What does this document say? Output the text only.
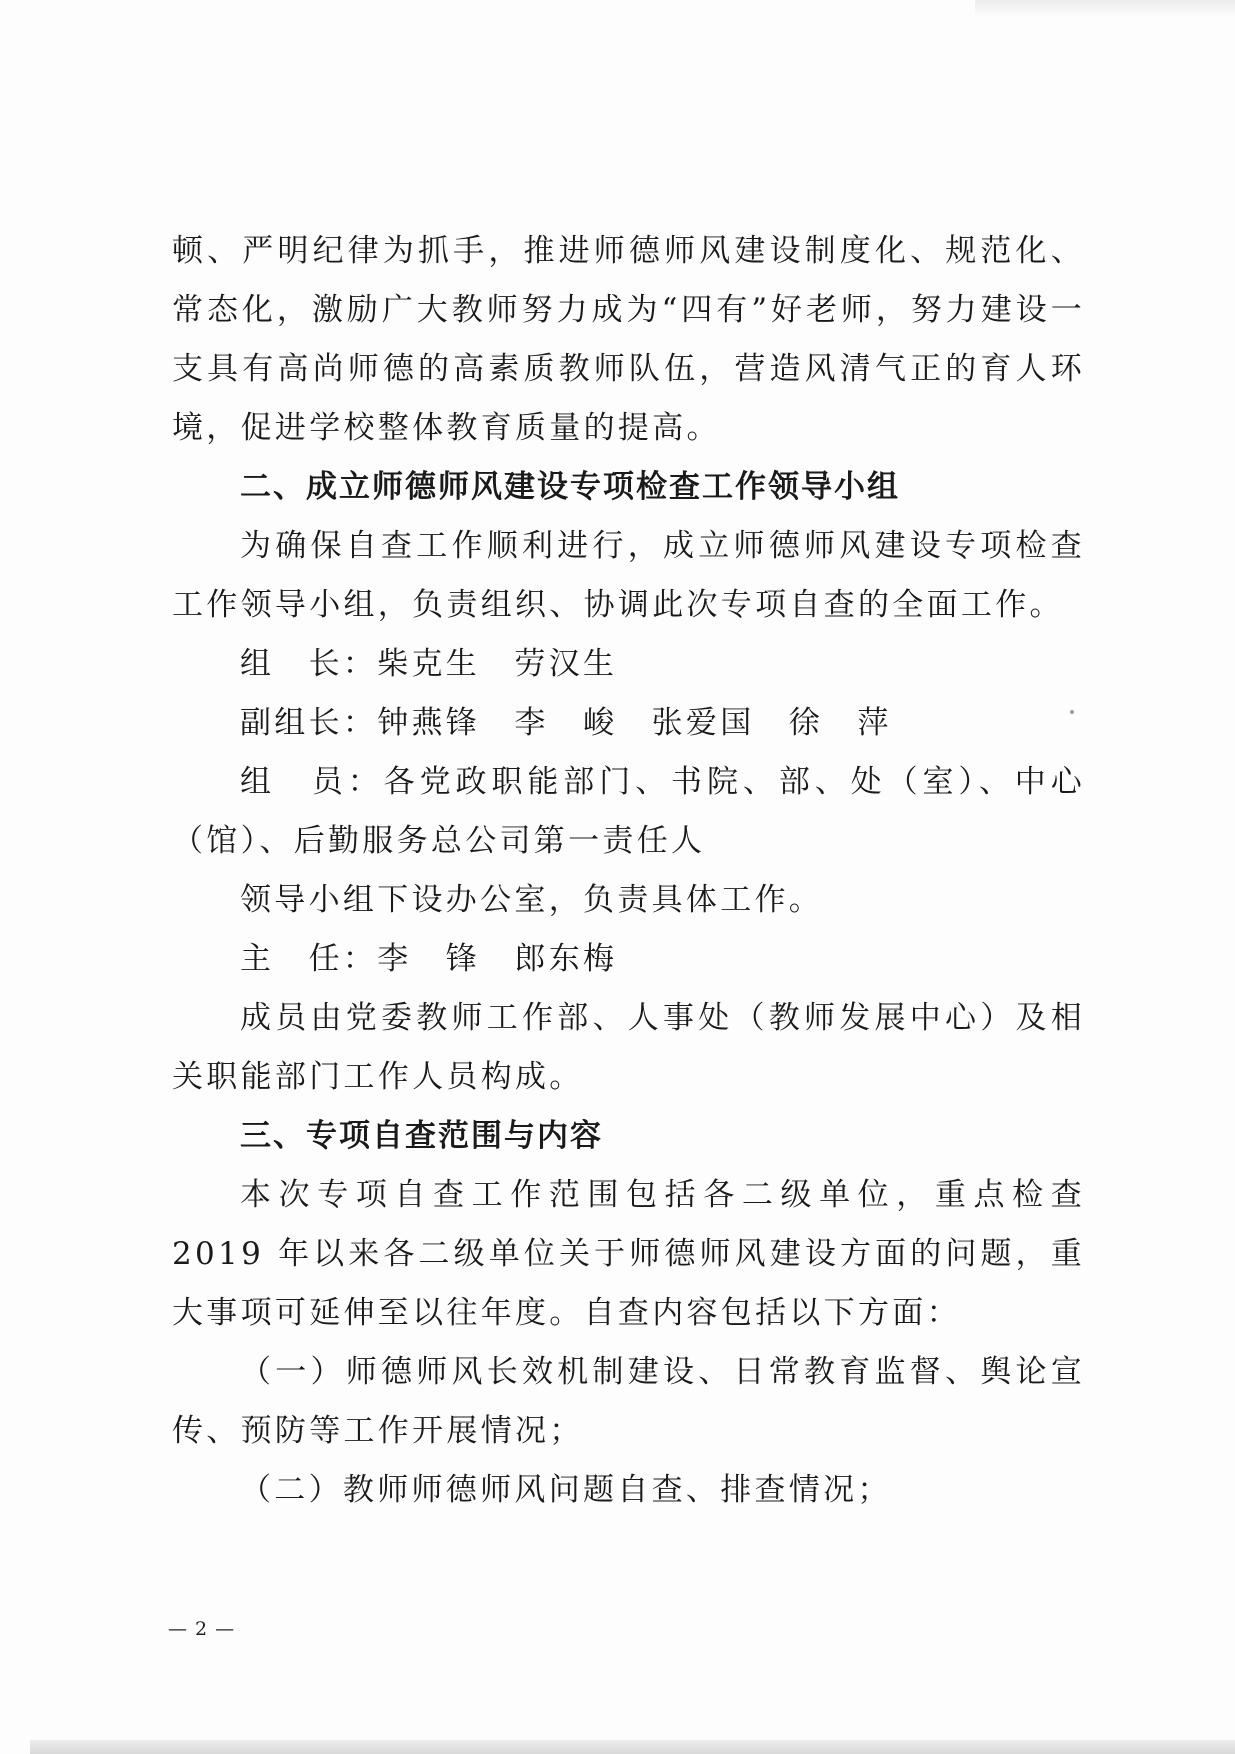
顿、严明纪律为抓手，推进师德师风建设制度化、规范化、常态化，激励广大教师努力成为“四有”好老师，努力建设一支具有高尚师德的高素质教师队伍，营造风清气正的育人环境，促进学校整体教育质量的提高。

二、成立师德师风建设专项检查工作领导小组

为确保自查工作顺利进行，成立师德师风建设专项检查工作领导小组，负责组织、协调此次专项自查的全面工作。

组　长：柴克生　劳汉生

副组长：钟燕锋　李　峻　张爱国　徐　萍

组　员：各党政职能部门、书院、部、处（室）、中心（馆）、后勤服务总公司第一责任人

领导小组下设办公室，负责具体工作。

主　任：李　锋　郎东梅

成员由党委教师工作部、人事处（教师发展中心）及相关职能部门工作人员构成。

三、专项自查范围与内容

本次专项自查工作范围包括各二级单位，重点检查 2019 年以来各二级单位关于师德师风建设方面的问题，重大事项可延伸至以往年度。自查内容包括以下方面：

（一）师德师风长效机制建设、日常教育监督、舆论宣传、预防等工作开展情况；

（二）教师师德师风问题自查、排查情况；

— 2 —
